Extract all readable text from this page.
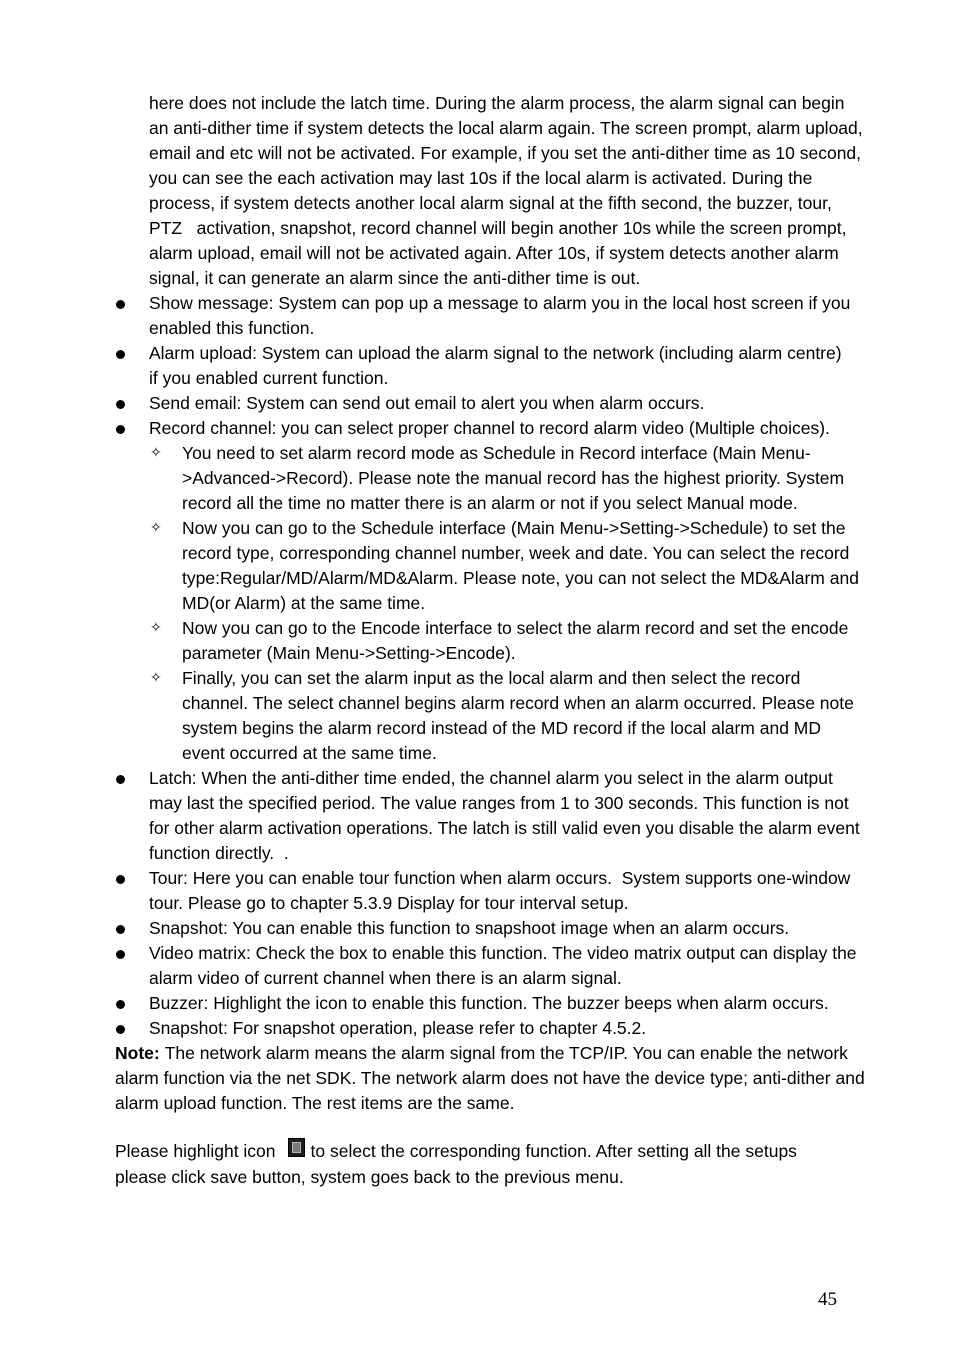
here does not include the latch time. During the alarm process, the alarm signal can begin
an anti-dither time if system detects the local alarm again. The screen prompt, alarm upload,
email and etc will not be activated. For example, if you set the anti-dither time as 10 second,
you can see the each activation may last 10s if the local alarm is activated. During the
process, if system detects another local alarm signal at the fifth second, the buzzer, tour,
PTZ   activation, snapshot, record channel will begin another 10s while the screen prompt,
alarm upload, email will not be activated again. After 10s, if system detects another alarm
signal, it can generate an alarm since the anti-dither time is out.
Show message: System can pop up a message to alarm you in the local host screen if you
enabled this function.
Alarm upload: System can upload the alarm signal to the network (including alarm centre)
if you enabled current function.
Send email: System can send out email to alert you when alarm occurs.
Record channel: you can select proper channel to record alarm video (Multiple choices).
✧
You need to set alarm record mode as Schedule in Record interface (Main Menu-
>Advanced->Record). Please note the manual record has the highest priority. System
record all the time no matter there is an alarm or not if you select Manual mode.
✧
Now you can go to the Schedule interface (Main Menu->Setting->Schedule) to set the
record type, corresponding channel number, week and date. You can select the record
type:Regular/MD/Alarm/MD&Alarm. Please note, you can not select the MD&Alarm and
MD(or Alarm) at the same time.
✧
Now you can go to the Encode interface to select the alarm record and set the encode
parameter (Main Menu->Setting->Encode).
✧
Finally, you can set the alarm input as the local alarm and then select the record
channel. The select channel begins alarm record when an alarm occurred. Please note
system begins the alarm record instead of the MD record if the local alarm and MD
event occurred at the same time.
Latch: When the anti-dither time ended, the channel alarm you select in the alarm output
may last the specified period. The value ranges from 1 to 300 seconds. This function is not
for other alarm activation operations. The latch is still valid even you disable the alarm event
function directly.  .
Tour: Here you can enable tour function when alarm occurs.  System supports one-window
tour. Please go to chapter 5.3.9 Display for tour interval setup.
Snapshot: You can enable this function to snapshoot image when an alarm occurs.
Video matrix: Check the box to enable this function. The video matrix output can display the
alarm video of current channel when there is an alarm signal.
Buzzer: Highlight the icon to enable this function. The buzzer beeps when alarm occurs.
Snapshot: For snapshot operation, please refer to chapter 4.5.2.
Note: The network alarm means the alarm signal from the TCP/IP. You can enable the network
alarm function via the net SDK. The network alarm does not have the device type; anti-dither and
alarm upload function. The rest items are the same.
Please highlight icon to select the corresponding function. After setting all the setups
please click save button, system goes back to the previous menu.
45
